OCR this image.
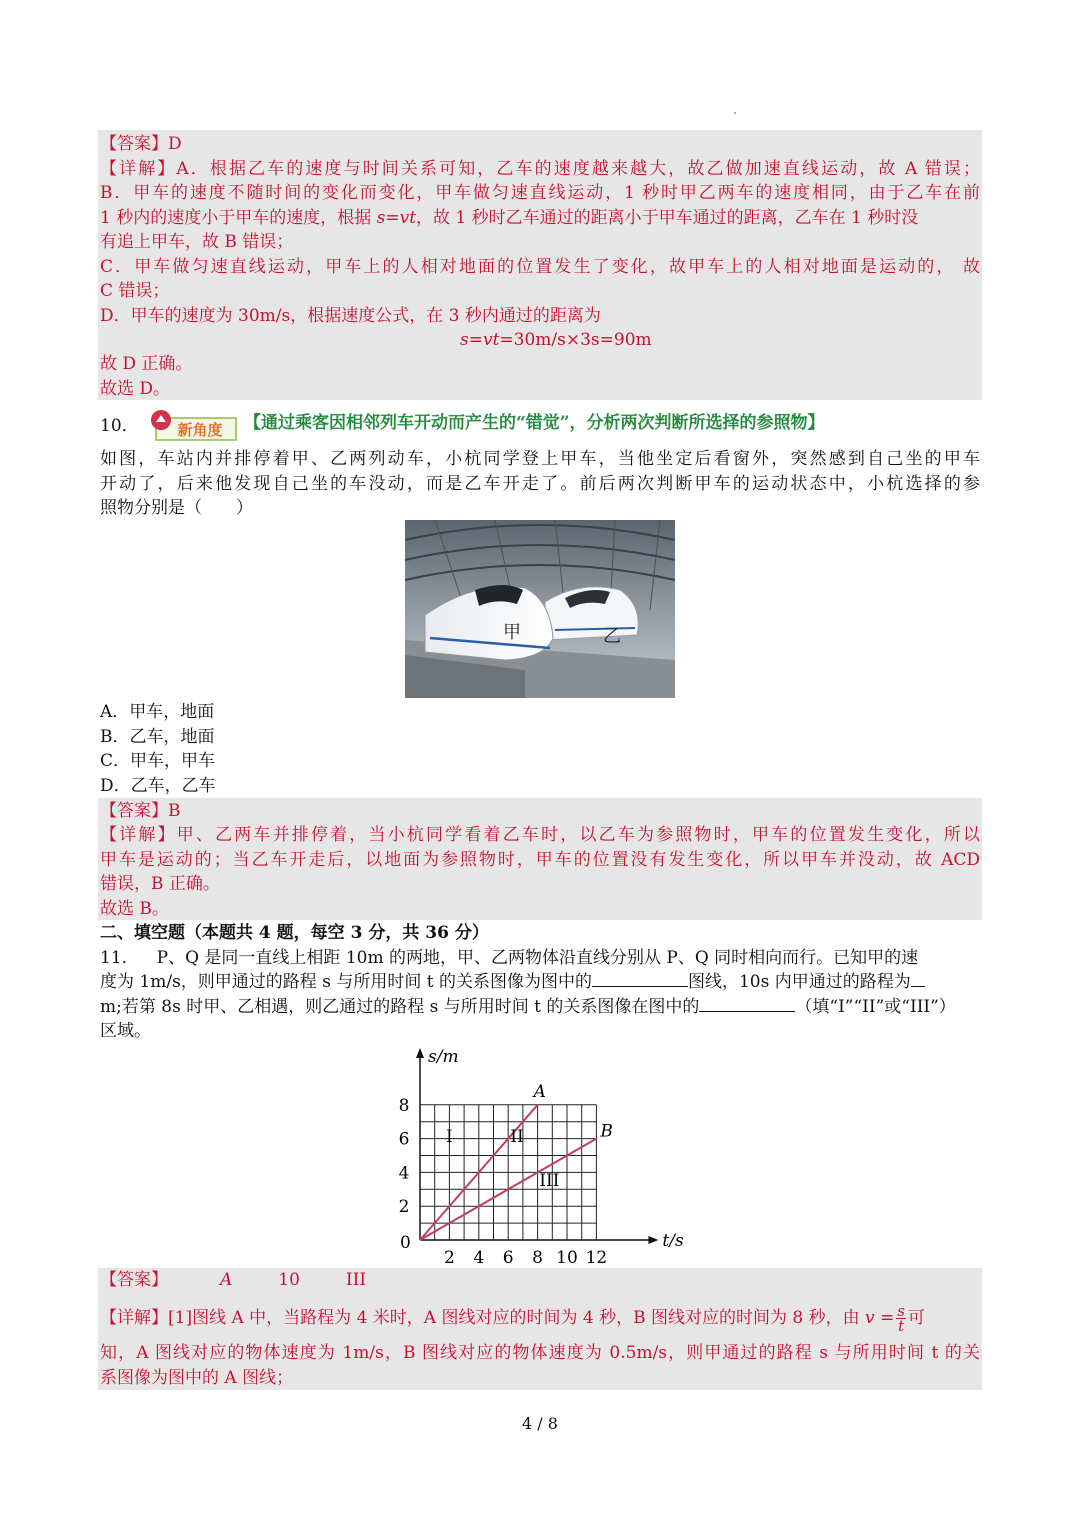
【答案】D
【详解】A．根据乙车的速度与时间关系可知，乙车的速度越来越大，故乙做加速直线运动，故 A 错误；
B．甲车的速度不随时间的变化而变化，甲车做匀速直线运动，1 秒时甲乙两车的速度相同，由于乙车在前
1 秒内的速度小于甲车的速度，根据 s=vt，故 1 秒时乙车通过的距离小于甲车通过的距离，乙车在 1 秒时没
有追上甲车，故 B 错误；
C．甲车做匀速直线运动，甲车上的人相对地面的位置发生了变化，故甲车上的人相对地面是运动的， 故
C 错误；
D．甲车的速度为 30m/s，根据速度公式，在 3 秒内通过的距离为
s=vt=30m/s×3s=90m
故 D 正确。
故选 D。
10．	新角度 【通过乘客因相邻列车开动而产生的“错觉”，分析两次判断所选择的参照物】
如图，车站内并排停着甲、乙两列动车，小杭同学登上甲车，当他坐定后看窗外，突然感到自己坐的甲车
开动了，后来他发现自己坐的车没动，而是乙车开走了。前后两次判断甲车的运动状态中，小杭选择的参
照物分别是（　　）
甲	乙
A．甲车，地面
B．乙车，地面
C．甲车，甲车
D．乙车，乙车
【答案】B
【详解】甲、乙两车并排停着，当小杭同学看着乙车时，以乙车为参照物时，甲车的位置发生变化，所以
甲车是运动的；当乙车开走后，以地面为参照物时，甲车的位置没有发生变化，所以甲车并没动，故 ACD
错误，B 正确。
故选 B。
二、填空题（本题共 4 题，每空 3 分，共 36 分）
11． P、Q 是同一直线上相距 10m 的两地，甲、乙两物体沿直线分别从 P、Q 同时相向而行。已知甲的速
度为 1m/s，则甲通过的路程 s 与所用时间 t 的关系图像为图中的	图线，10s 内甲通过的路程为
m;若第 8s 时甲、乙相遇，则乙通过的路程 s 与所用时间 t 的关系图像在图中的	（填“I”“II”或“III”）
区域。
s/m
t/s
0
2 4 6 8 10 12
2
4
6
8
A
B
I	II
III
【答案】	A	10	III
【详解】[1]图线 A 中，当路程为 4 米时，A 图线对应的时间为 4 秒，B 图线对应的时间为 8 秒，由 $v = \frac{s}{t}$ 可
知，A 图线对应的物体速度为 1m/s，B 图线对应的物体速度为 0.5m/s，则甲通过的路程 s 与所用时间 t 的关
系图像为图中的 A 图线；
4 / 8
